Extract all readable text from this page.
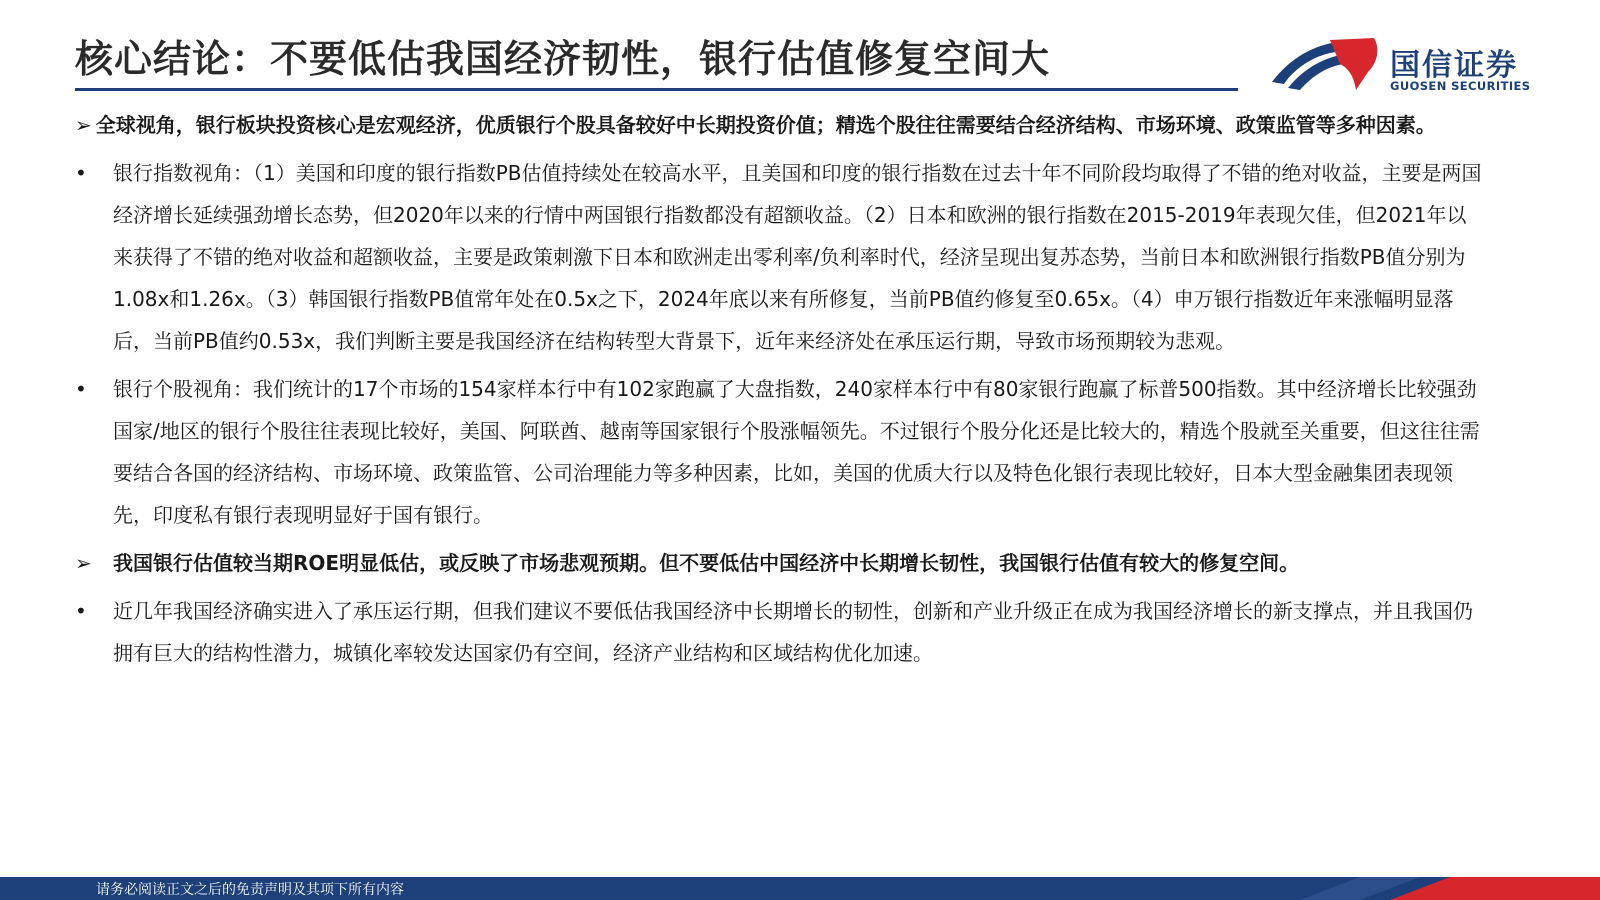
核心结论：不要低估我国经济韧性，银行估值修复空间大	国信证券
GUOSEN SECURITIES
➢ 全球视角，银行板块投资核心是宏观经济，优质银行个股具备较好中长期投资价值；精选个股往往需要结合经济结构、市场环境、政策监管等多种因素。
•	银行指数视角：（1）美国和印度的银行指数PB估值持续处在较高水平，且美国和印度的银行指数在过去十年不同阶段均取得了不错的绝对收益，主要是两国经济增长延续强劲增长态势，但2020年以来的行情中两国银行指数都没有超额收益。（2）日本和欧洲的银行指数在2015-2019年表现欠佳，但2021年以来获得了不错的绝对收益和超额收益，主要是政策刺激下日本和欧洲走出零利率/负利率时代，经济呈现出复苏态势，当前日本和欧洲银行指数PB值分别为1.08x和1.26x。（3）韩国银行指数PB值常年处在0.5x之下，2024年底以来有所修复，当前PB值约修复至0.65x。（4）申万银行指数近年来涨幅明显落后，当前PB值约0.53x，我们判断主要是我国经济在结构转型大背景下，近年来经济处在承压运行期，导致市场预期较为悲观。
•	银行个股视角：我们统计的17个市场的154家样本行中有102家跑赢了大盘指数，240家样本行中有80家银行跑赢了标普500指数。其中经济增长比较强劲国家/地区的银行个股往往表现比较好，美国、阿联酋、越南等国家银行个股涨幅领先。不过银行个股分化还是比较大的，精选个股就至关重要，但这往往需要结合各国的经济结构、市场环境、政策监管、公司治理能力等多种因素，比如，美国的优质大行以及特色化银行表现比较好，日本大型金融集团表现领先，印度私有银行表现明显好于国有银行。
➢	我国银行估值较当期ROE明显低估，或反映了市场悲观预期。但不要低估中国经济中长期增长韧性，我国银行估值有较大的修复空间。
•	近几年我国经济确实进入了承压运行期，但我们建议不要低估我国经济中长期增长的韧性，创新和产业升级正在成为我国经济增长的新支撑点，并且我国仍拥有巨大的结构性潜力，城镇化率较发达国家仍有空间，经济产业结构和区域结构优化加速。
请务必阅读正文之后的免责声明及其项下所有内容
